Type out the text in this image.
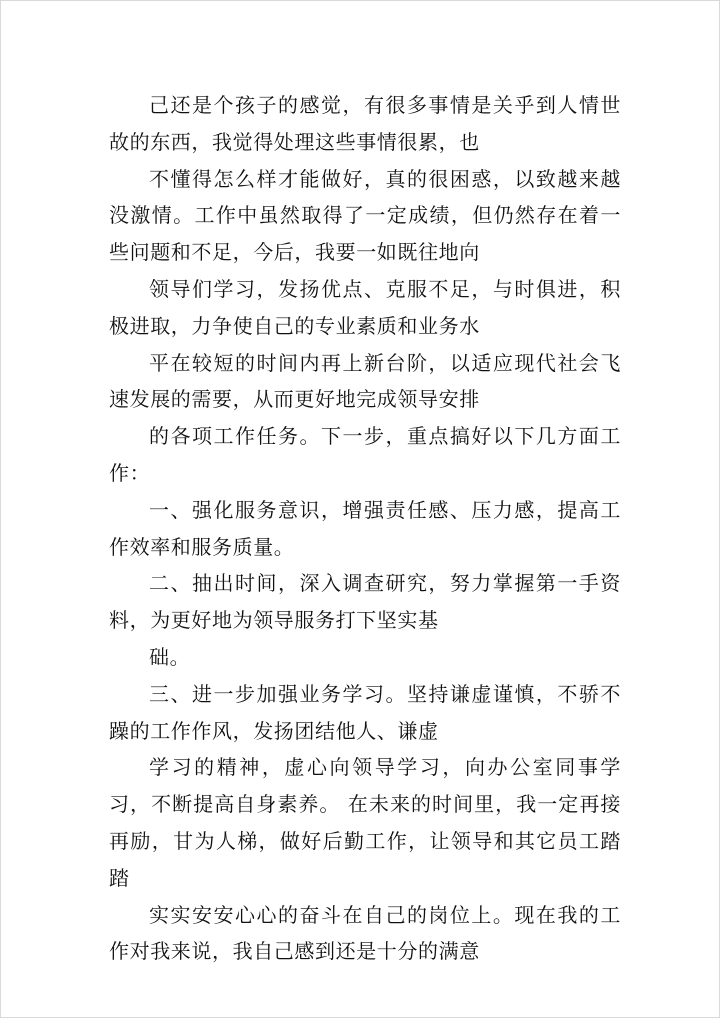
己还是个孩子的感觉，有很多事情是关乎到人情世故的东西，我觉得处理这些事情很累，也

不懂得怎么样才能做好，真的很困惑，以致越来越没激情。工作中虽然取得了一定成绩，但仍然存在着一些问题和不足，今后，我要一如既往地向

领导们学习，发扬优点、克服不足，与时俱进，积极进取，力争使自己的专业素质和业务水

平在较短的时间内再上新台阶，以适应现代社会飞速发展的需要，从而更好地完成领导安排

的各项工作任务。下一步，重点搞好以下几方面工作：

一、强化服务意识，增强责任感、压力感，提高工作效率和服务质量。

二、抽出时间，深入调查研究，努力掌握第一手资料，为更好地为领导服务打下坚实基

础。

三、进一步加强业务学习。坚持谦虚谨慎，不骄不躁的工作作风，发扬团结他人、谦虚

学习的精神，虚心向领导学习，向办公室同事学习，不断提高自身素养。 在未来的时间里，我一定再接再励，甘为人梯，做好后勤工作，让领导和其它员工踏踏

实实安安心心的奋斗在自己的岗位上。现在我的工作对我来说，我自己感到还是十分的满意
